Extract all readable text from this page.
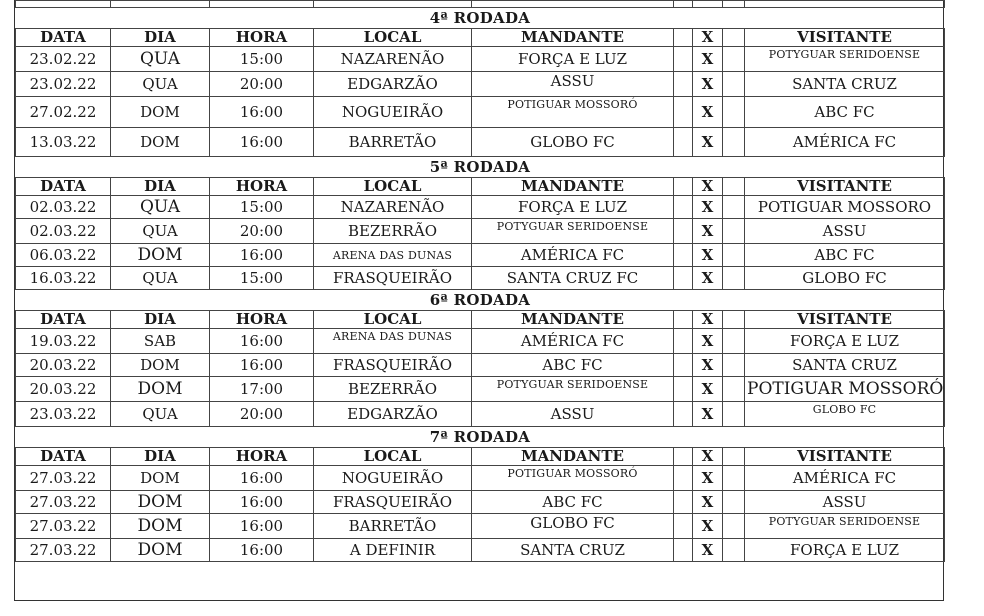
4ª RODADA								
DATA	DIA	HORA	LOCAL	MANDANTE		X		VISITANTE
23.02.22	QUA	15:00	NAZARENÃO	FORÇA E LUZ		X		POTYGUAR SERIDOENSE
23.02.22	QUA	20:00	EDGARZÃO	ASSU		X		SANTA CRUZ
27.02.22	DOM	16:00	NOGUEIRÃO	POTIGUAR MOSSORÓ		X		ABC FC
13.03.22	DOM	16:00	BARRETÃO	GLOBO FC		X		AMÉRICA FC
5ª RODADA								
DATA	DIA	HORA	LOCAL	MANDANTE		X		VISITANTE
02.03.22	QUA	15:00	NAZARENÃO	FORÇA E LUZ		X		POTIGUAR MOSSORO
02.03.22	QUA	20:00	BEZERRÃO	POTYGUAR SERIDOENSE		X		ASSU
06.03.22	DOM	16:00	ARENA DAS DUNAS	AMÉRICA FC		X		ABC FC
16.03.22	QUA	15:00	FRASQUEIRÃO	SANTA CRUZ FC		X		GLOBO FC
6ª RODADA								
DATA	DIA	HORA	LOCAL	MANDANTE		X		VISITANTE
19.03.22	SAB	16:00	ARENA DAS DUNAS	AMÉRICA FC		X		FORÇA E LUZ
20.03.22	DOM	16:00	FRASQUEIRÃO	ABC FC		X		SANTA CRUZ
20.03.22	DOM	17:00	BEZERRÃO	POTYGUAR SERIDOENSE		X		POTIGUAR MOSSORÓ
23.03.22	QUA	20:00	EDGARZÃO	ASSU		X		GLOBO FC
7ª RODADA								
DATA	DIA	HORA	LOCAL	MANDANTE		X		VISITANTE
27.03.22	DOM	16:00	NOGUEIRÃO	POTIGUAR MOSSORÓ		X		AMÉRICA FC
27.03.22	DOM	16:00	FRASQUEIRÃO	ABC FC		X		ASSU
27.03.22	DOM	16:00	BARRETÃO	GLOBO FC		X		POTYGUAR SERIDOENSE
27.03.22	DOM	16:00	A DEFINIR	SANTA CRUZ		X		FORÇA E LUZ
